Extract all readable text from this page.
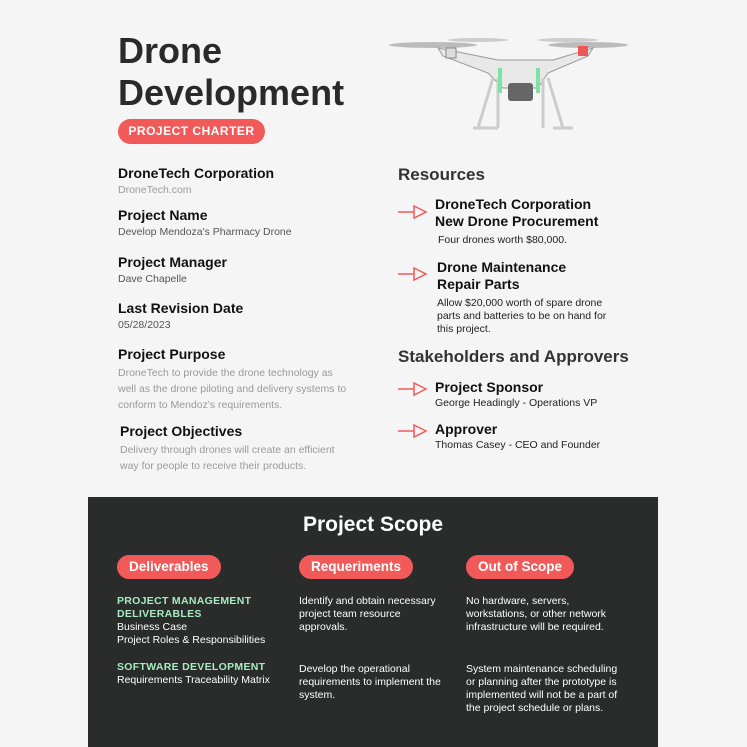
Drone
Development
PROJECT CHARTER
DroneTech Corporation
DroneTech.com
Project Name
Develop Mendoza's Pharmacy Drone
Project Manager
Dave Chapelle
Last Revision Date
05/28/2023
Project Purpose
DroneTech to provide the drone technology as well as the drone piloting and delivery systems to conform to Mendoz's requirements.
Project Objectives
Delivery through drones will create an efficient way for people to receive their products.
Resources
DroneTech Corporation
New Drone Procurement
Four drones worth $80,000.
Drone Maintenance
Repair Parts
Allow $20,000 worth of spare drone parts and batteries to be on hand for this project.
Stakeholders and Approvers
Project Sponsor
George Headingly - Operations VP
Approver
Thomas Casey - CEO and Founder
Project Scope
Deliverables
PROJECT MANAGEMENT DELIVERABLES
Business Case
Project Roles & Responsibilities
SOFTWARE DEVELOPMENT
Requirements Traceability Matrix
Requeriments
Identify and obtain necessary project team resource approvals.
Develop the operational requirements to implement the system.
Out of Scope
No hardware, servers, workstations, or other network infrastructure will be required.
System maintenance scheduling or planning after the prototype is implemented will not be a part of the project schedule or plans.
